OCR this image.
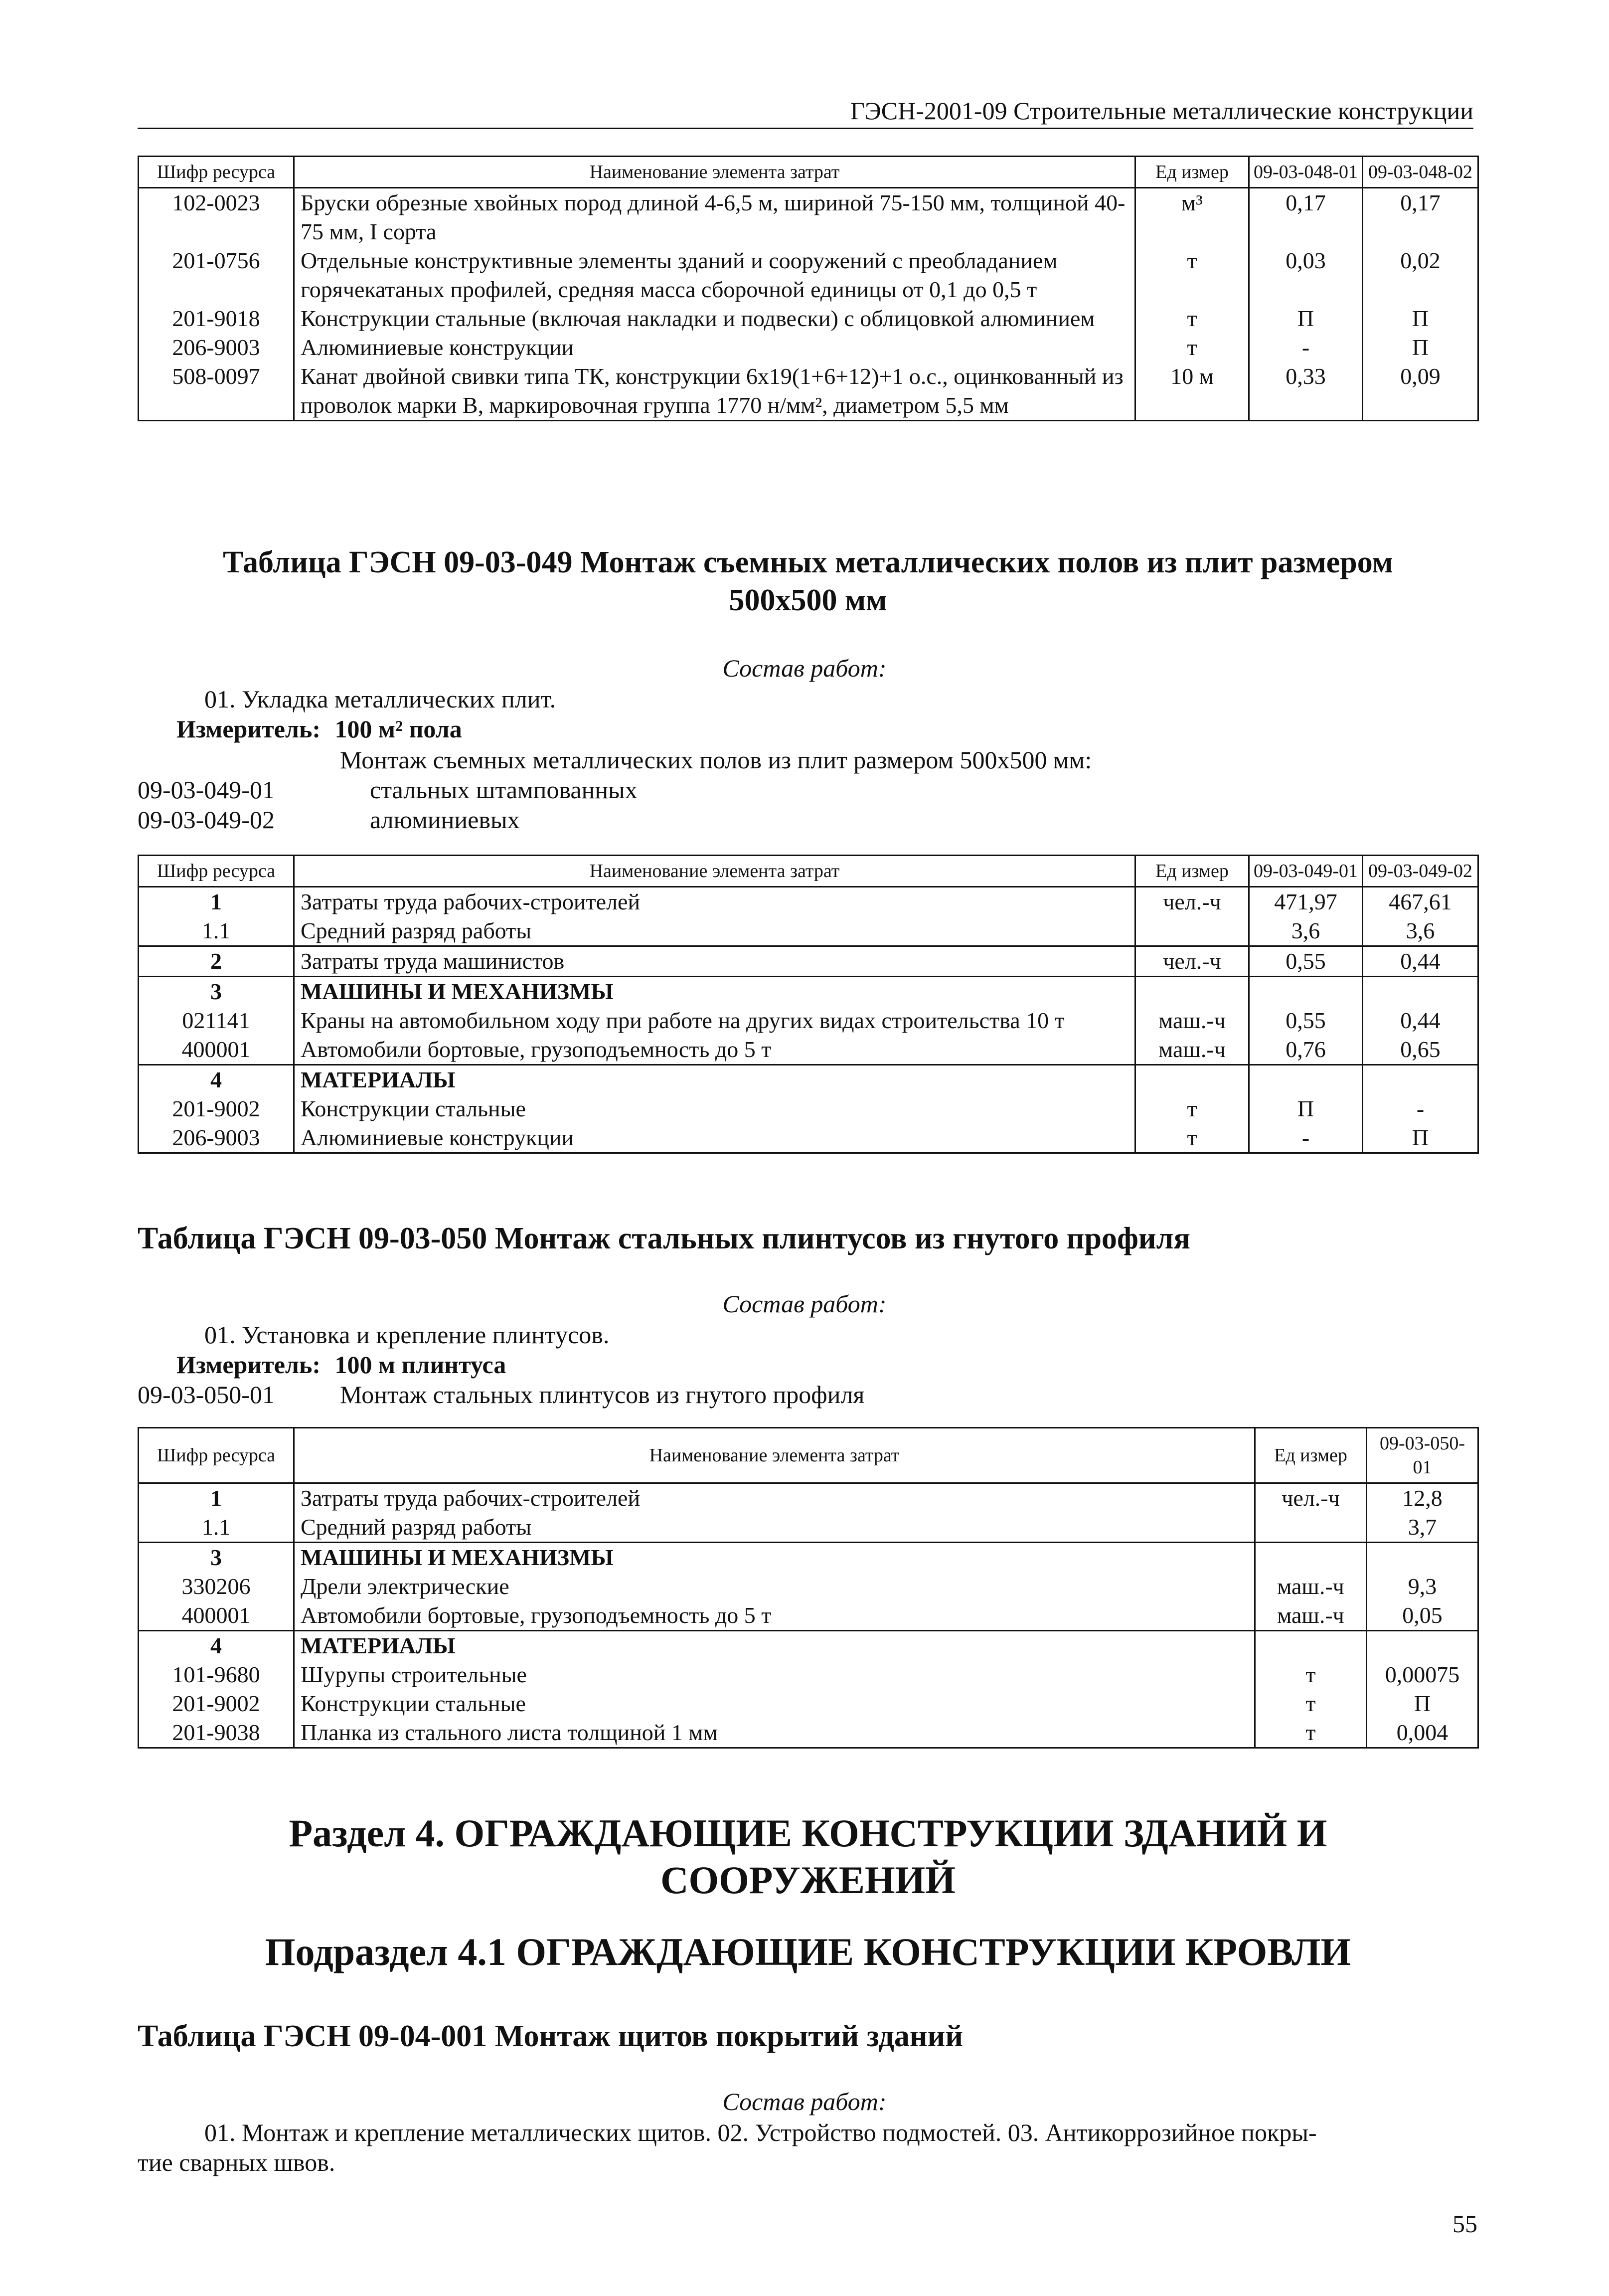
ГЭСН-2001-09 Строительные металлические конструкции
Шифр ресурса	Наименование элемента затрат	Ед измер	09-03-048-01	09-03-048-02
102-0023	Бруски обрезные хвойных пород длиной 4-6,5 м, шириной 75-150 мм, толщиной 40-75 мм, I сорта	м³	0,17	0,17
201-0756	Отдельные конструктивные элементы зданий и сооружений с преобладанием горячекатаных профилей, средняя масса сборочной единицы от 0,1 до 0,5 т	т	0,03	0,02
201-9018	Конструкции стальные (включая накладки и подвески) с облицовкой алюминием	т	П	П
206-9003	Алюминиевые конструкции	т	-	П
508-0097	Канат двойной свивки типа ТК, конструкции 6х19(1+6+12)+1 о.с., оцинкованный из проволок марки В, маркировочная группа 1770 н/мм², диаметром 5,5 мм	10 м	0,33	0,09
Таблица ГЭСН 09-03-049 Монтаж съемных металлических полов из плит размером
500х500 мм
Состав работ:
01. Укладка металлических плит.
Измеритель: 100 м² пола
Монтаж съемных металлических полов из плит размером 500х500 мм:
09-03-049-01	стальных штампованных
09-03-049-02	алюминиевых
Шифр ресурса	Наименование элемента затрат	Ед измер	09-03-049-01	09-03-049-02
1	Затраты труда рабочих-строителей	чел.-ч	471,97	467,61
1.1	Средний разряд работы		3,6	3,6
2	Затраты труда машинистов	чел.-ч	0,55	0,44
3	МАШИНЫ И МЕХАНИЗМЫ			
021141	Краны на автомобильном ходу при работе на других видах строительства 10 т	маш.-ч	0,55	0,44
400001	Автомобили бортовые, грузоподъемность до 5 т	маш.-ч	0,76	0,65
4	МАТЕРИАЛЫ			
201-9002	Конструкции стальные	т	П	-
206-9003	Алюминиевые конструкции	т	-	П
Таблица ГЭСН 09-03-050 Монтаж стальных плинтусов из гнутого профиля
Состав работ:
01. Установка и крепление плинтусов.
Измеритель: 100 м плинтуса
09-03-050-01	Монтаж стальных плинтусов из гнутого профиля
Шифр ресурса	Наименование элемента затрат	Ед измер	09-03-050-01
1	Затраты труда рабочих-строителей	чел.-ч	12,8
1.1	Средний разряд работы		3,7
3	МАШИНЫ И МЕХАНИЗМЫ		
330206	Дрели электрические	маш.-ч	9,3
400001	Автомобили бортовые, грузоподъемность до 5 т	маш.-ч	0,05
4	МАТЕРИАЛЫ		
101-9680	Шурупы строительные	т	0,00075
201-9002	Конструкции стальные	т	П
201-9038	Планка из стального листа толщиной 1 мм	т	0,004
Раздел 4. ОГРАЖДАЮЩИЕ КОНСТРУКЦИИ ЗДАНИЙ И
СООРУЖЕНИЙ
Подраздел 4.1 ОГРАЖДАЮЩИЕ КОНСТРУКЦИИ КРОВЛИ
Таблица ГЭСН 09-04-001 Монтаж щитов покрытий зданий
Состав работ:
01. Монтаж и крепление металлических щитов. 02. Устройство подмостей. 03. Антикоррозийное покры-
тие сварных швов.
55
